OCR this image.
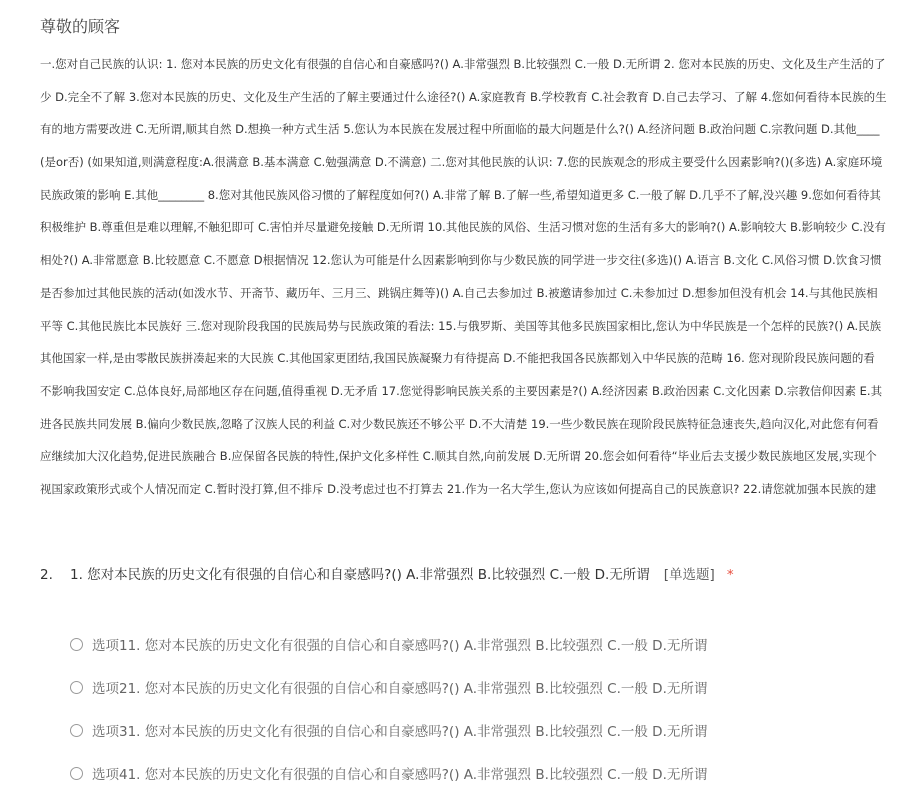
尊敬的顾客
一.您对自己民族的认识: 1. 您对本民族的历史文化有很强的自信心和自豪感吗?() A.非常强烈 B.比较强烈 C.一般 D.无所谓 2. 您对本民族的历史、文化及生产生活的了
少 D.完全不了解 3.您对本民族的历史、文化及生产生活的了解主要通过什么途径?() A.家庭教育 B.学校教育 C.社会教育 D.自己去学习、了解 4.您如何看待本民族的生
有的地方需要改进 C.无所谓,顺其自然 D.想换一种方式生活 5.您认为本民族在发展过程中所面临的最大问题是什么?() A.经济问题 B.政治问题 C.宗教问题 D.其他____
(是or否) (如果知道,则满意程度:A.很满意 B.基本满意 C.勉强满意 D.不满意) 二.您对其他民族的认识: 7.您的民族观念的形成主要受什么因素影响?()(多选) A.家庭环境
民族政策的影响 E.其他________ 8.您对其他民族风俗习惯的了解程度如何?() A.非常了解 B.了解一些,希望知道更多 C.一般了解 D.几乎不了解,没兴趣 9.您如何看待其
积极维护 B.尊重但是难以理解,不触犯即可 C.害怕并尽量避免接触 D.无所谓 10.其他民族的风俗、生活习惯对您的生活有多大的影响?() A.影响较大 B.影响较少 C.没有
相处?() A.非常愿意 B.比较愿意 C.不愿意 D根据情况 12.您认为可能是什么因素影响到你与少数民族的同学进一步交往(多选)() A.语言 B.文化 C.风俗习惯 D.饮食习惯
是否参加过其他民族的活动(如泼水节、开斋节、藏历年、三月三、跳锅庄舞等)() A.自己去参加过 B.被邀请参加过 C.未参加过 D.想参加但没有机会 14.与其他民族相
平等 C.其他民族比本民族好 三.您对现阶段我国的民族局势与民族政策的看法: 15.与俄罗斯、美国等其他多民族国家相比,您认为中华民族是一个怎样的民族?() A.民族
其他国家一样,是由零散民族拼凑起来的大民族 C.其他国家更团结,我国民族凝聚力有待提高 D.不能把我国各民族都划入中华民族的范畴 16. 您对现阶段民族问题的看
不影响我国安定 C.总体良好,局部地区存在问题,值得重视 D.无矛盾 17.您觉得影响民族关系的主要因素是?() A.经济因素 B.政治因素 C.文化因素 D.宗教信仰因素 E.其
进各民族共同发展 B.偏向少数民族,忽略了汉族人民的利益 C.对少数民族还不够公平 D.不大清楚 19.一些少数民族在现阶段民族特征急速丧失,趋向汉化,对此您有何看
应继续加大汉化趋势,促进民族融合 B.应保留各民族的特性,保护文化多样性 C.顺其自然,向前发展 D.无所谓 20.您会如何看待“毕业后去支援少数民族地区发展,实现个
视国家政策形式或个人情况而定 C.暂时没打算,但不排斥 D.没考虑过也不打算去 21.作为一名大学生,您认为应该如何提高自己的民族意识? 22.请您就加强本民族的建
2. 1. 您对本民族的历史文化有很强的自信心和自豪感吗?() A.非常强烈 B.比较强烈 C.一般 D.无所谓 [单选题] *
选项11. 您对本民族的历史文化有很强的自信心和自豪感吗?() A.非常强烈 B.比较强烈 C.一般 D.无所谓
选项21. 您对本民族的历史文化有很强的自信心和自豪感吗?() A.非常强烈 B.比较强烈 C.一般 D.无所谓
选项31. 您对本民族的历史文化有很强的自信心和自豪感吗?() A.非常强烈 B.比较强烈 C.一般 D.无所谓
选项41. 您对本民族的历史文化有很强的自信心和自豪感吗?() A.非常强烈 B.比较强烈 C.一般 D.无所谓
